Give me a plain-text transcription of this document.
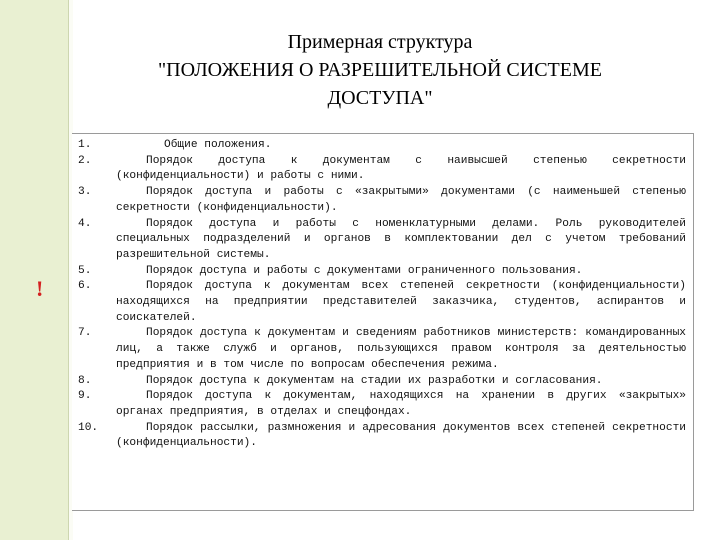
Примерная структура
"ПОЛОЖЕНИЯ О РАЗРЕШИТЕЛЬНОЙ СИСТЕМЕ
ДОСТУПА"
!
1.	Общие положения.
2.	Порядок доступа к документам с наивысшей степенью секретности (конфиденциальности) и работы с ними.
3.	Порядок доступа и работы с «закрытыми» документами (с наименьшей степенью секретности (конфиденциальности).
4.	Порядок доступа и работы с номенклатурными делами. Роль руководителей специальных подразделений и органов в комплектовании дел с учетом требований разрешительной системы.
5.	Порядок доступа и работы с документами ограниченного пользования.
6.	Порядок доступа к документам всех степеней секретности (конфиденциальности) находящихся на предприятии представителей заказчика, студентов, аспирантов и соискателей.
7.	Порядок доступа к документам и сведениям работников министерств: командированных лиц, а также служб и органов, пользующихся правом контроля за деятельностью предприятия и в том числе по вопросам обеспечения режима.
8.	Порядок доступа к документам на стадии их разработки и согласования.
9.	Порядок доступа к документам, находящихся на хранении в других «закрытых» органах предприятия, в отделах и спецфондах.
10.	Порядок рассылки, размножения и адресования документов всех степеней секретности (конфиденциальности).
